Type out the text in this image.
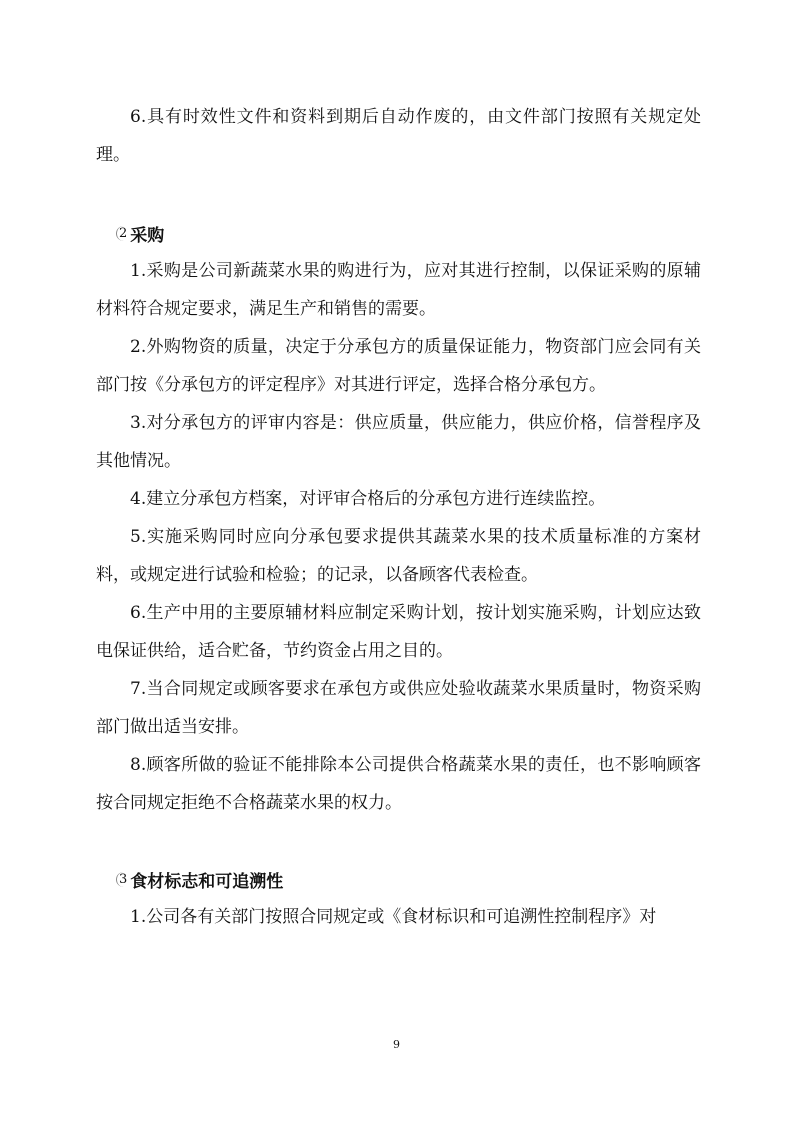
6.具有时效性文件和资料到期后自动作废的，由文件部门按照有关规定处理。

2 采购

1.采购是公司新蔬菜水果的购进行为，应对其进行控制，以保证采购的原辅材料符合规定要求，满足生产和销售的需要。

2.外购物资的质量，决定于分承包方的质量保证能力，物资部门应会同有关部门按《分承包方的评定程序》对其进行评定，选择合格分承包方。

3.对分承包方的评审内容是：供应质量，供应能力，供应价格，信誉程序及其他情况。

4.建立分承包方档案，对评审合格后的分承包方进行连续监控。

5.实施采购同时应向分承包要求提供其蔬菜水果的技术质量标准的方案材料，或规定进行试验和检验；的记录，以备顾客代表检查。

6.生产中用的主要原辅材料应制定采购计划，按计划实施采购，计划应达致电保证供给，适合贮备，节约资金占用之目的。

7.当合同规定或顾客要求在承包方或供应处验收蔬菜水果质量时，物资采购部门做出适当安排。

8.顾客所做的验证不能排除本公司提供合格蔬菜水果的责任，也不影响顾客按合同规定拒绝不合格蔬菜水果的权力。

3 食材标志和可追溯性

1.公司各有关部门按照合同规定或《食材标识和可追溯性控制程序》对

9
